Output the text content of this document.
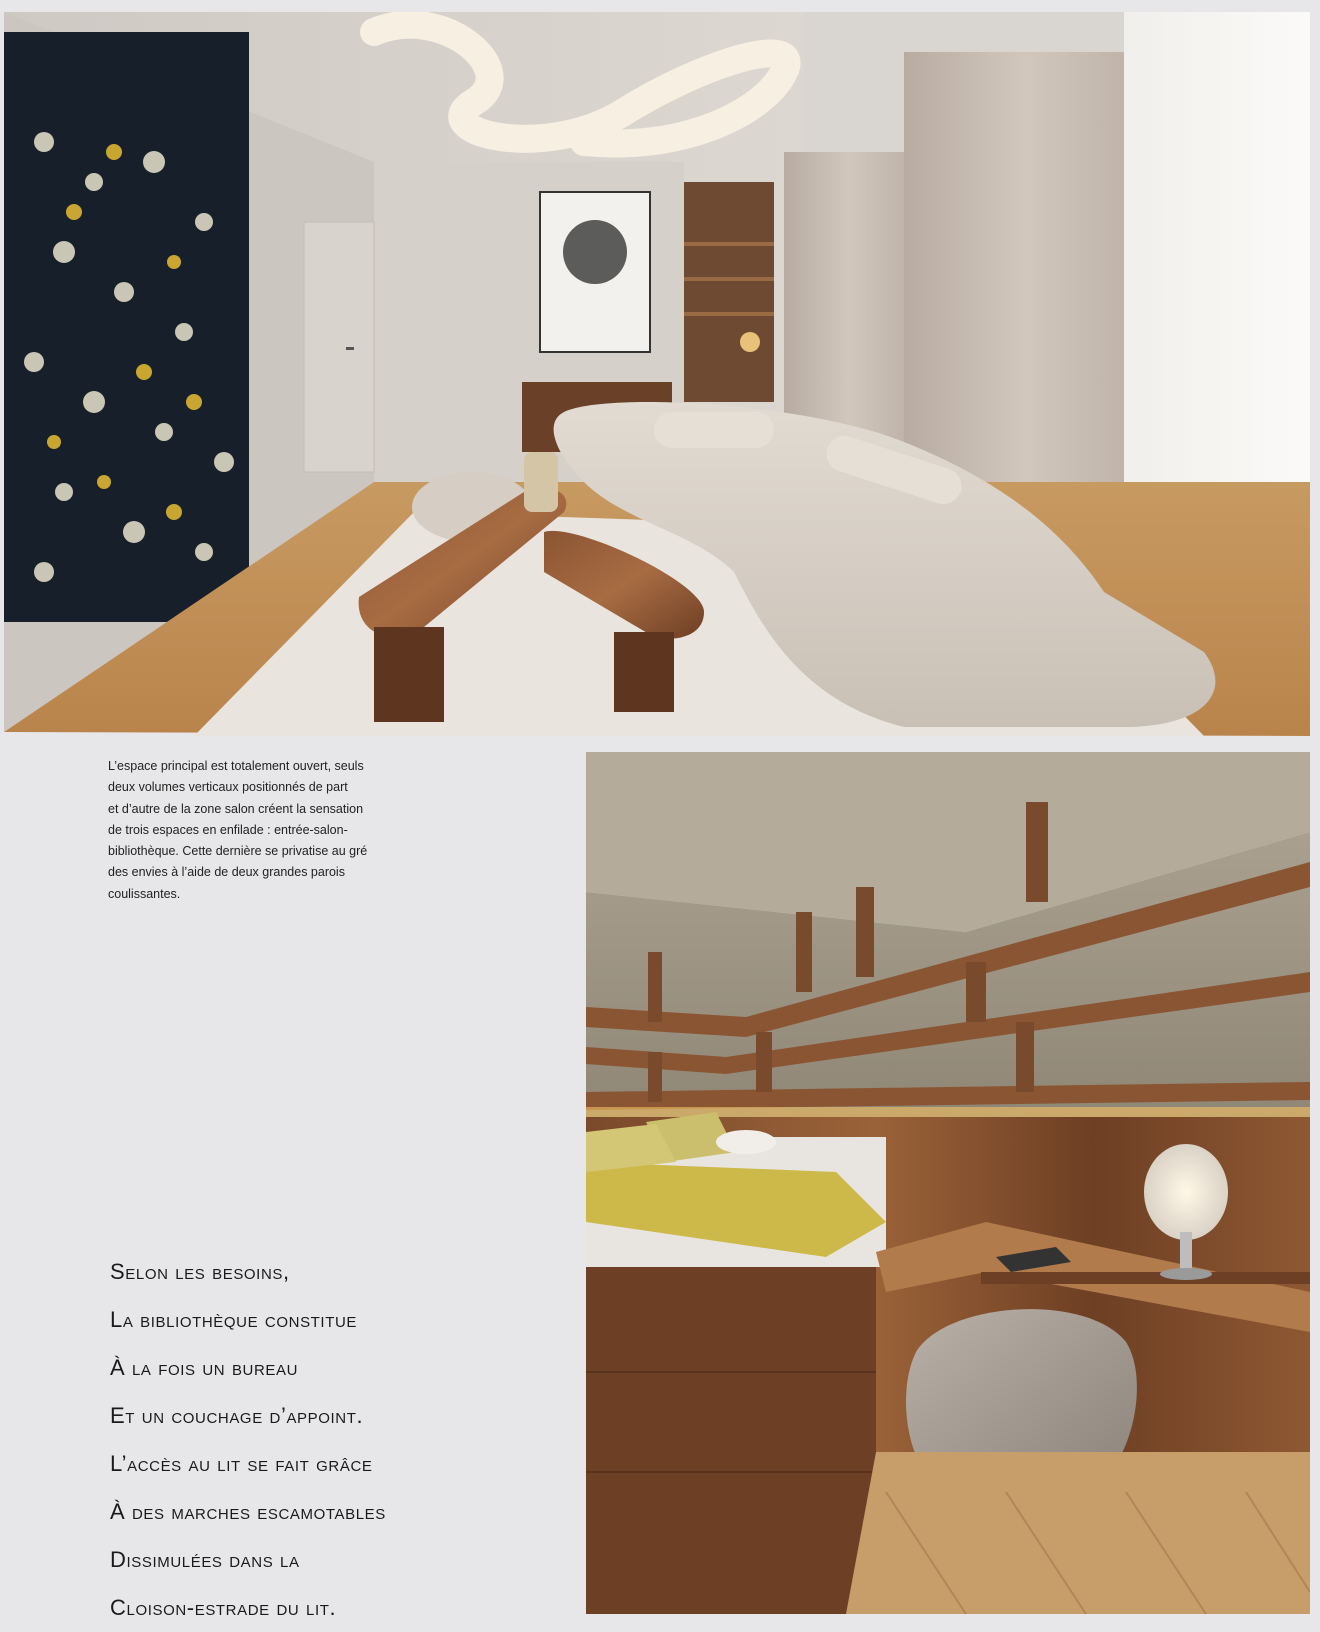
L’espace principal est totalement ouvert, seuls
deux volumes verticaux positionnés de part
et d’autre de la zone salon créent la sensation
de trois espaces en enfilade : entrée-salon-
bibliothèque. Cette dernière se privatise au gré
des envies à l’aide de deux grandes parois
coulissantes.

Selon les besoins,
La bibliothèque constitue
À la fois un bureau
Et un couchage d’appoint.
L’accès au lit se fait grâce
À des marches escamotables
Dissimulées dans la
Cloison-estrade du lit.
